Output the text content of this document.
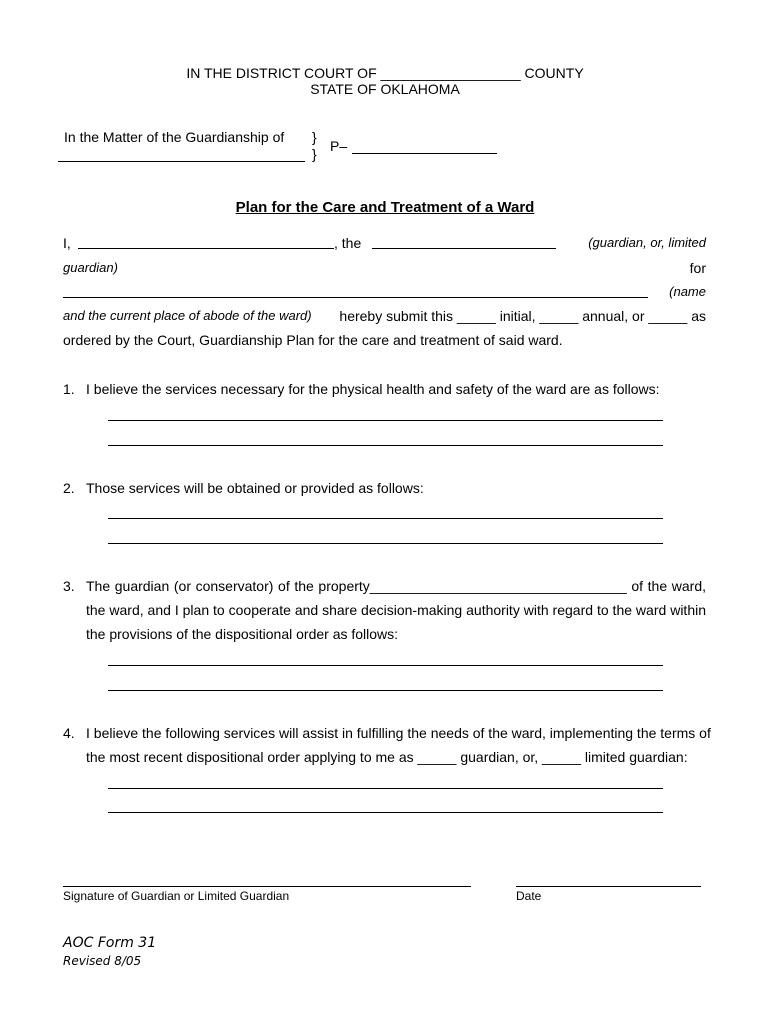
IN THE DISTRICT COURT OF __________________ COUNTY
STATE OF OKLAHOMA
In the Matter of the Guardianship of }
} P–
Plan for the Care and Treatment of a Ward
I,	, the	(guardian, or, limited
guardian)	for
(name
and the current place of abode of the ward) hereby submit this _____ initial, _____ annual, or _____ as
ordered by the Court, Guardianship Plan for the care and treatment of said ward.
1. I believe the services necessary for the physical health and safety of the ward are as follows:
2. Those services will be obtained or provided as follows:
3. The guardian (or conservator) of the property_________________________________ of the ward,
the ward, and I plan to cooperate and share decision-making authority with regard to the ward within
the provisions of the dispositional order as follows:
4. I believe the following services will assist in fulfilling the needs of the ward, implementing the terms of
the most recent dispositional order applying to me as _____ guardian, or, _____ limited guardian:
Signature of Guardian or Limited Guardian	Date
AOC Form 31
Revised 8/05
